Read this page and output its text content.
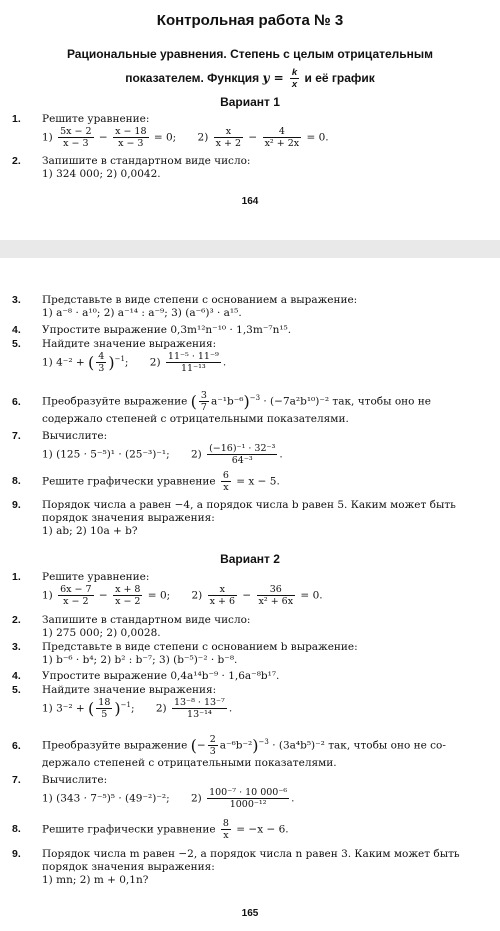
Контрольная работа № 3
Рациональные уравнения. Степень с целым отрицательным
показателем. Функция $y = \frac{k}{x}$ и её график
Вариант 1
1. Решите уравнение:
$1) \frac{5x - 2}{x - 3} - \frac{x - 18}{x - 3} = 0$; $2) \frac{x}{x + 2} - \frac{4}{\text{x² + 2x}} = 0$.
2. Запишите в стандартном виде число:
1) 324 000; 2) 0,0042.
164
3. Представьте в виде степени с основанием a выражение:
1) a⁻⁸ · a¹⁰; 2) a⁻¹⁴ : a⁻⁹; 3) (a⁻⁶)³ · a¹⁵.
4. Упростите выражение 0,3m¹²n⁻¹⁰ · 1,3m⁻⁷n¹⁵.
5. Найдите значение выражения:
1) 4⁻² + ( $\frac{4}{3} )^{-1}$; $2) \frac{\text{11⁻⁵ · 11⁻⁹}}{\text{11⁻¹³}}$ .
6. Преобразуйте выражение ( $\frac{3}{7} a^{-1}b^{-6})^{-3} \cdot (-7a^2b^{10})^{-2}$ так, чтобы оно не
содержало степеней с отрицательными показателями.
7. Вычислите:
1) (125 · 5⁻⁵)¹ · (25⁻³)⁻¹; $2) \frac{\text{(−16)⁻¹ · 32⁻³}}{\text{64⁻³}}$ .
8. Решите графически уравнение $\frac{6}{x} = x - 5$.
9. Порядок числа a равен −4, а порядок числа b равен 5. Каким может быть порядок значения выражения:
1) ab; 2) 10a + b?
Вариант 2
1. Решите уравнение:
$1) \frac{6x - 7}{x - 2} - \frac{x + 8}{x - 2} = 0$; $2) \frac{x}{x + 6} - \frac{36}{\text{x² + 6x}} = 0$.
2. Запишите в стандартном виде число:
1) 275 000; 2) 0,0028.
3. Представьте в виде степени с основанием b выражение:
1) b⁻⁶ · b⁴; 2) b² : b⁻⁷; 3) (b⁻⁵)⁻² · b⁻⁸.
4. Упростите выражение 0,4a¹⁴b⁻⁹ · 1,6a⁻⁸b¹⁷.
5. Найдите значение выражения:
1) 3⁻² + ( $\frac{18}{5} )^{-1}$; $2) \frac{\text{13⁻⁸ · 13⁻⁷}}{\text{13⁻¹⁴}}$ .
6. Преобразуйте выражение (− $\frac{2}{3} a^{-6}b^{-2})^{-3} \cdot (3a^4b^5)^{-2}$ так, чтобы оно не со-
держало степеней с отрицательными показателями.
7. Вычислите:
1) (343 · 7⁻⁵)⁵ · (49⁻²)⁻²; $2) \frac{\text{100⁻⁷ · 10 000⁻⁶}}{\text{1000⁻¹²}}$ .
8. Решите графически уравнение $\frac{8}{x} = -x - 6$.
9. Порядок числа m равен −2, а порядок числа n равен 3. Каким может быть порядок значения выражения:
1) mn; 2) m + 0,1n?
165
